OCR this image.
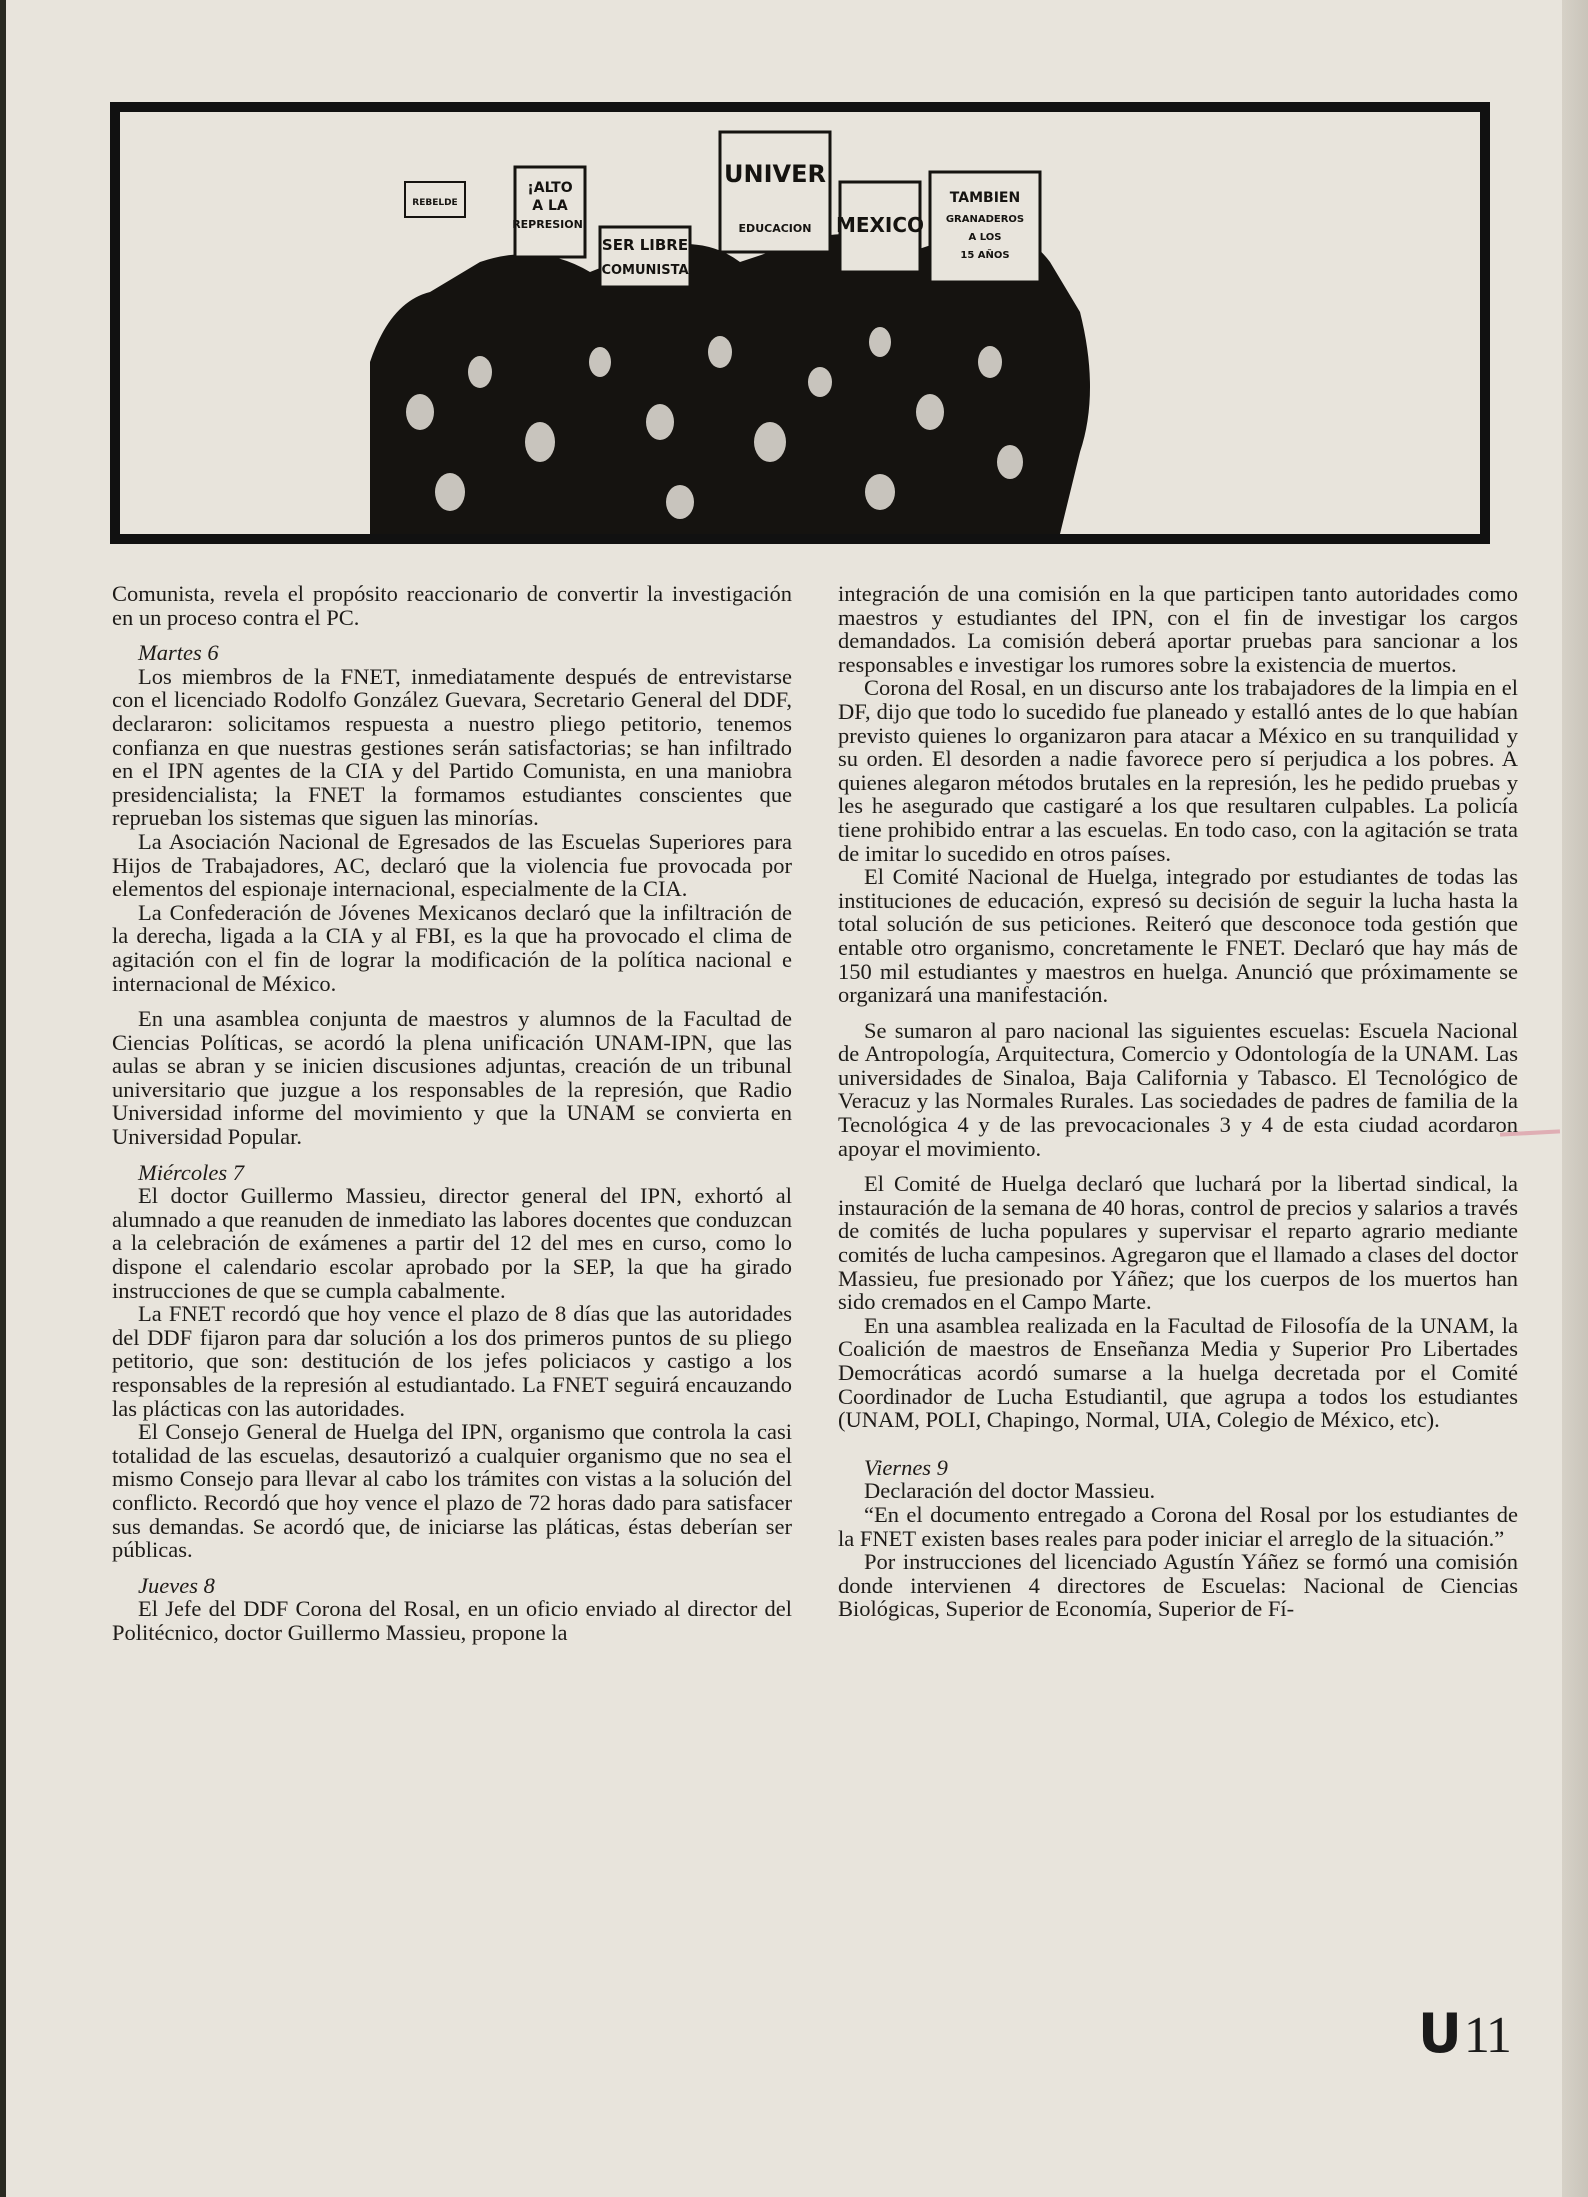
¡ALTO
A LA
REPRESION!
REBELDE
SER LIBRE
COMUNISTA
UNIVER
EDUCACION MEXICO
TAMBIEN
GRANADEROS
A LOS
15 AÑOS

Comunista, revela el propósito reaccionario de convertir la investigación en un proceso contra el PC.

Martes 6

Los miembros de la FNET, inmediatamente después de entrevistarse con el licenciado Rodolfo González Guevara, Secretario General del DDF, declararon: solicitamos respuesta a nuestro pliego petitorio, tenemos confianza en que nuestras gestiones serán satisfactorias; se han infiltrado en el IPN agentes de la CIA y del Partido Comunista, en una maniobra presidencialista; la FNET la formamos estudiantes conscientes que reprueban los sistemas que siguen las minorías.

La Asociación Nacional de Egresados de las Escuelas Superiores para Hijos de Trabajadores, AC, declaró que la violencia fue provocada por elementos del espionaje internacional, especialmente de la CIA.

La Confederación de Jóvenes Mexicanos declaró que la infiltración de la derecha, ligada a la CIA y al FBI, es la que ha provocado el clima de agitación con el fin de lograr la modificación de la política nacional e internacional de México.

En una asamblea conjunta de maestros y alumnos de la Facultad de Ciencias Políticas, se acordó la plena unificación UNAM-IPN, que las aulas se abran y se inicien discusiones adjuntas, creación de un tribunal universitario que juzgue a los responsables de la represión, que Radio Universidad informe del movimiento y que la UNAM se convierta en Universidad Popular.

Miércoles 7

El doctor Guillermo Massieu, director general del IPN, exhortó al alumnado a que reanuden de inmediato las labores docentes que conduzcan a la celebración de exámenes a partir del 12 del mes en curso, como lo dispone el calendario escolar aprobado por la SEP, la que ha girado instrucciones de que se cumpla cabalmente.

La FNET recordó que hoy vence el plazo de 8 días que las autoridades del DDF fijaron para dar solución a los dos primeros puntos de su pliego petitorio, que son: destitución de los jefes policiacos y castigo a los responsables de la represión al estudiantado. La FNET seguirá encauzando las plácticas con las autoridades.

El Consejo General de Huelga del IPN, organismo que controla la casi totalidad de las escuelas, desautorizó a cualquier organismo que no sea el mismo Consejo para llevar al cabo los trámites con vistas a la solución del conflicto. Recordó que hoy vence el plazo de 72 horas dado para satisfacer sus demandas. Se acordó que, de iniciarse las pláticas, éstas deberían ser públicas.

Jueves 8

El Jefe del DDF Corona del Rosal, en un oficio enviado al director del Politécnico, doctor Guillermo Massieu, propone la

integración de una comisión en la que participen tanto autoridades como maestros y estudiantes del IPN, con el fin de investigar los cargos demandados. La comisión deberá aportar pruebas para sancionar a los responsables e investigar los rumores sobre la existencia de muertos.

Corona del Rosal, en un discurso ante los trabajadores de la limpia en el DF, dijo que todo lo sucedido fue planeado y estalló antes de lo que habían previsto quienes lo organizaron para atacar a México en su tranquilidad y su orden. El desorden a nadie favorece pero sí perjudica a los pobres. A quienes alegaron métodos brutales en la represión, les he pedido pruebas y les he asegurado que castigaré a los que resultaren culpables. La policía tiene prohibido entrar a las escuelas. En todo caso, con la agitación se trata de imitar lo sucedido en otros países.

El Comité Nacional de Huelga, integrado por estudiantes de todas las instituciones de educación, expresó su decisión de seguir la lucha hasta la total solución de sus peticiones. Reiteró que desconoce toda gestión que entable otro organismo, concretamente le FNET. Declaró que hay más de 150 mil estudiantes y maestros en huelga. Anunció que próximamente se organizará una manifestación.

Se sumaron al paro nacional las siguientes escuelas: Escuela Nacional de Antropología, Arquitectura, Comercio y Odontología de la UNAM. Las universidades de Sinaloa, Baja California y Tabasco. El Tecnológico de Veracuz y las Normales Rurales. Las sociedades de padres de familia de la Tecnológica 4 y de las prevocacionales 3 y 4 de esta ciudad acordaron apoyar el movimiento.

El Comité de Huelga declaró que luchará por la libertad sindical, la instauración de la semana de 40 horas, control de precios y salarios a través de comités de lucha populares y supervisar el reparto agrario mediante comités de lucha campesinos. Agregaron que el llamado a clases del doctor Massieu, fue presionado por Yáñez; que los cuerpos de los muertos han sido cremados en el Campo Marte.

En una asamblea realizada en la Facultad de Filosofía de la UNAM, la Coalición de maestros de Enseñanza Media y Superior Pro Libertades Democráticas acordó sumarse a la huelga decretada por el Comité Coordinador de Lucha Estudiantil, que agrupa a todos los estudiantes (UNAM, POLI, Chapingo, Normal, UIA, Colegio de México, etc).

Viernes 9

Declaración del doctor Massieu.

“En el documento entregado a Corona del Rosal por los estudiantes de la FNET existen bases reales para poder iniciar el arreglo de la situación.”

Por instrucciones del licenciado Agustín Yáñez se formó una comisión donde intervienen 4 directores de Escuelas: Nacional de Ciencias Biológicas, Superior de Economía, Superior de Fí-

U11
